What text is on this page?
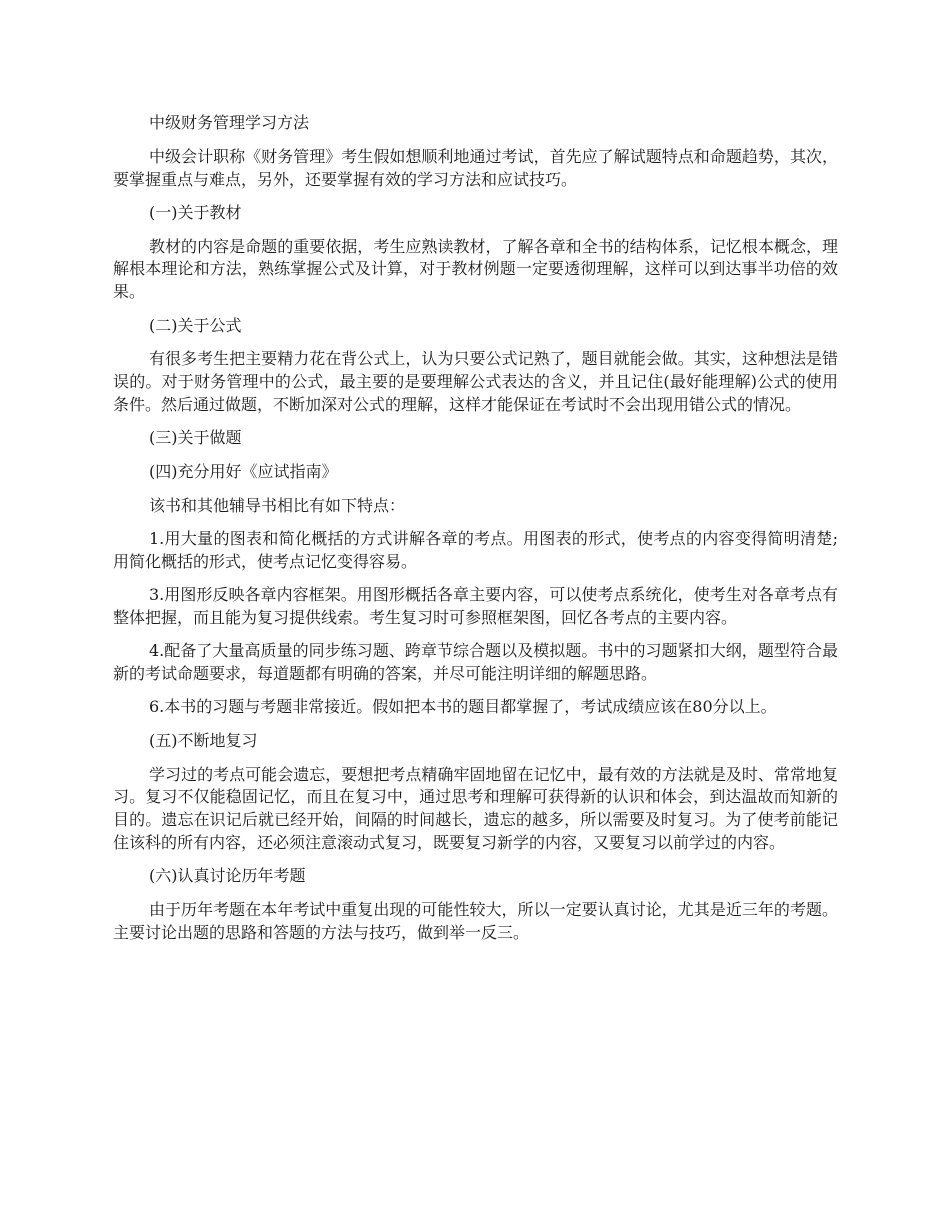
中级财务管理学习方法

中级会计职称《财务管理》考生假如想顺利地通过考试，首先应了解试题特点和命题趋势，其次，要掌握重点与难点，另外，还要掌握有效的学习方法和应试技巧。

(一)关于教材

教材的内容是命题的重要依据，考生应熟读教材，了解各章和全书的结构体系，记忆根本概念，理解根本理论和方法，熟练掌握公式及计算，对于教材例题一定要透彻理解，这样可以到达事半功倍的效果。

(二)关于公式

有很多考生把主要精力花在背公式上，认为只要公式记熟了，题目就能会做。其实，这种想法是错误的。对于财务管理中的公式，最主要的是要理解公式表达的含义，并且记住(最好能理解)公式的使用条件。然后通过做题，不断加深对公式的理解，这样才能保证在考试时不会出现用错公式的情况。

(三)关于做题

(四)充分用好《应试指南》

该书和其他辅导书相比有如下特点：

1.用大量的图表和简化概括的方式讲解各章的考点。用图表的形式，使考点的内容变得简明清楚;用简化概括的形式，使考点记忆变得容易。

3.用图形反映各章内容框架。用图形概括各章主要内容，可以使考点系统化，使考生对各章考点有整体把握，而且能为复习提供线索。考生复习时可参照框架图，回忆各考点的主要内容。

4.配备了大量高质量的同步练习题、跨章节综合题以及模拟题。书中的习题紧扣大纲，题型符合最新的考试命题要求，每道题都有明确的答案，并尽可能注明详细的解题思路。

6.本书的习题与考题非常接近。假如把本书的题目都掌握了，考试成绩应该在80分以上。

(五)不断地复习

学习过的考点可能会遗忘，要想把考点精确牢固地留在记忆中，最有效的方法就是及时、常常地复习。复习不仅能稳固记忆，而且在复习中，通过思考和理解可获得新的认识和体会，到达温故而知新的目的。遗忘在识记后就已经开始，间隔的时间越长，遗忘的越多，所以需要及时复习。为了使考前能记住该科的所有内容，还必须注意滚动式复习，既要复习新学的内容，又要复习以前学过的内容。

(六)认真讨论历年考题

由于历年考题在本年考试中重复出现的可能性较大，所以一定要认真讨论，尤其是近三年的考题。主要讨论出题的思路和答题的方法与技巧，做到举一反三。
